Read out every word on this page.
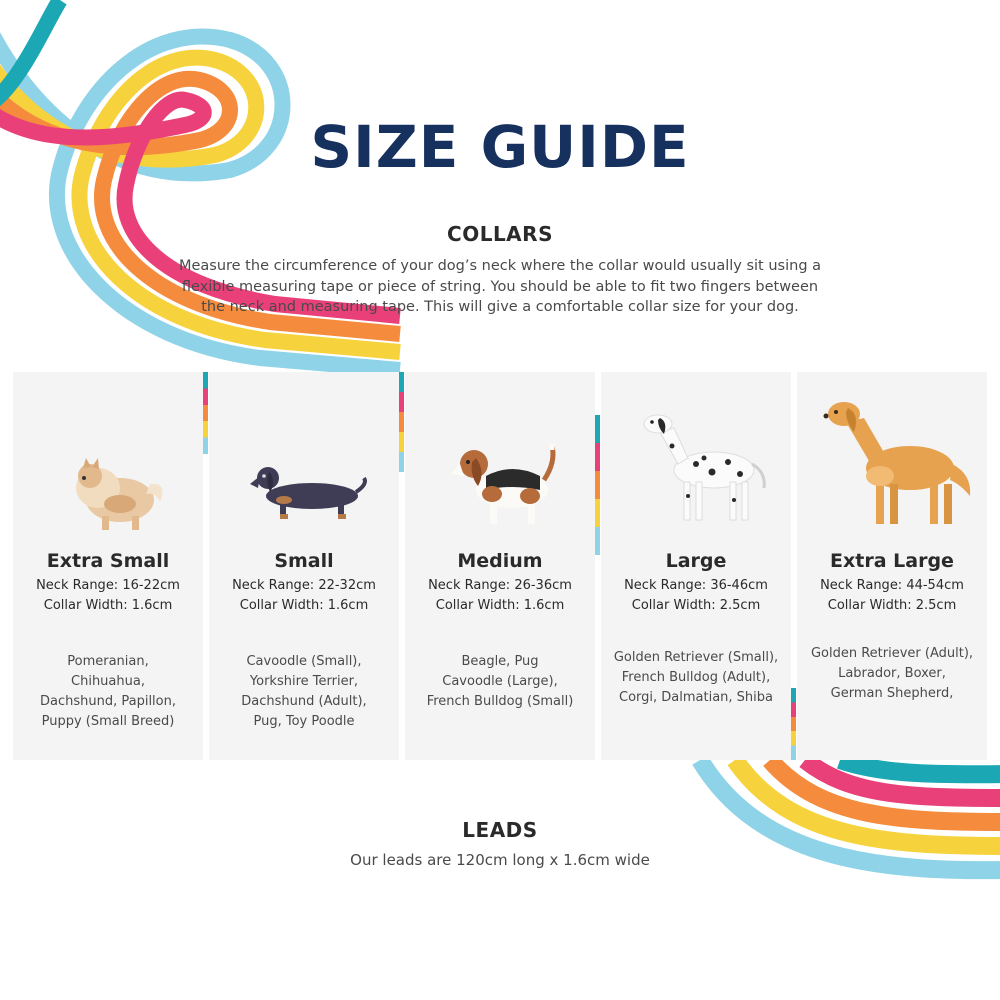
SIZE GUIDE
COLLARS

Measure the circumference of your dog’s neck where the collar would usually sit using a flexible measuring tape or piece of string. You should be able to fit two fingers between the neck and measuring tape. This will give a comfortable collar size for your dog.

Extra Small

Neck Range: 16-22cm

Collar Width: 1.6cm

Pomeranian,
Chihuahua,
Dachshund, Papillon,
Puppy (Small Breed)

Small

Neck Range: 22-32cm

Collar Width: 1.6cm

Cavoodle (Small),
Yorkshire Terrier,
Dachshund (Adult),
Pug, Toy Poodle

Medium

Neck Range: 26-36cm

Collar Width: 1.6cm

Beagle, Pug
Cavoodle (Large),
French Bulldog (Small)

Large

Neck Range: 36-46cm

Collar Width: 2.5cm

Golden Retriever (Small),
French Bulldog (Adult),
Corgi, Dalmatian, Shiba

Extra Large

Neck Range: 44-54cm

Collar Width: 2.5cm

Golden Retriever (Adult),
Labrador, Boxer,
German Shepherd,

LEADS

Our leads are 120cm long x 1.6cm wide
